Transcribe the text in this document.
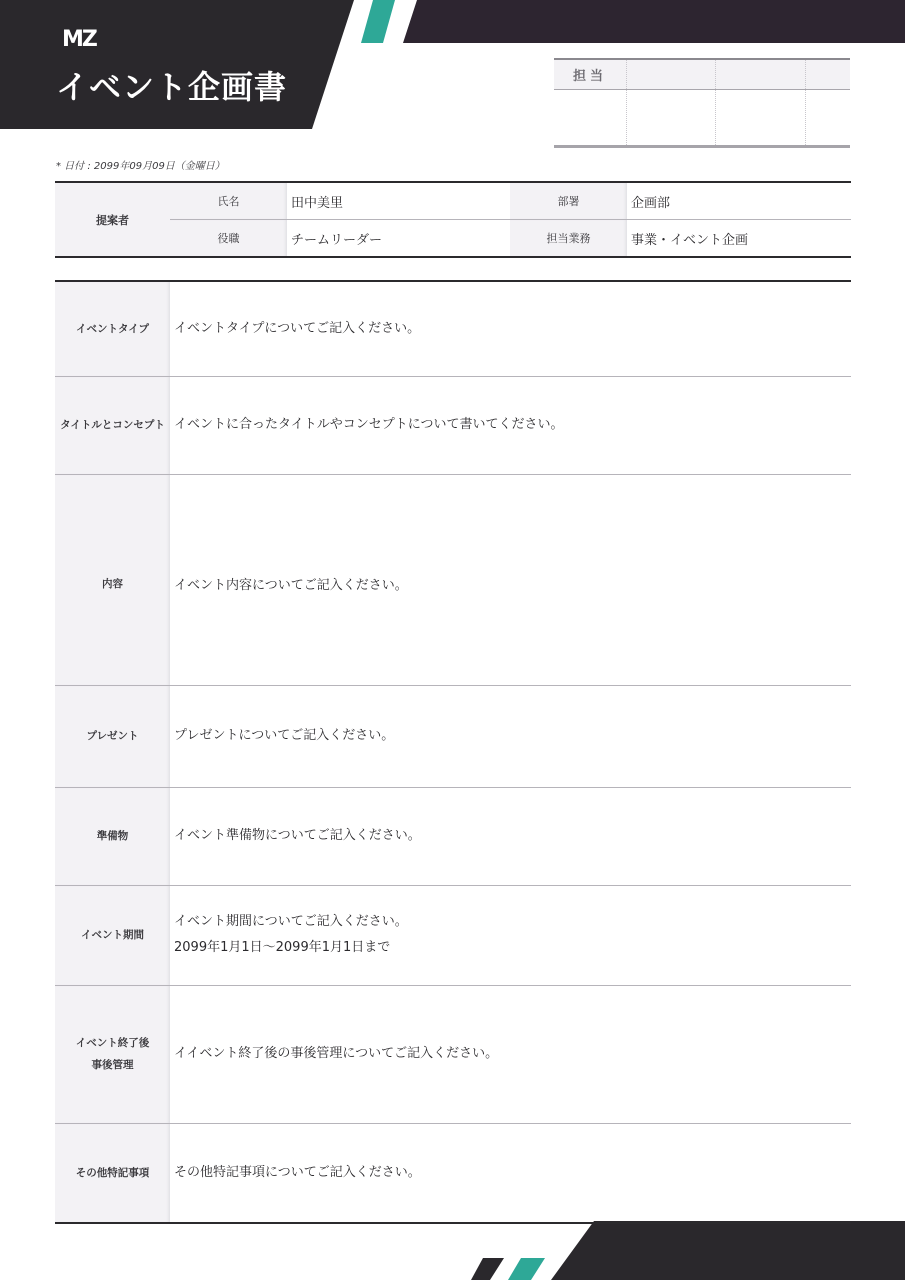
MZ
イベント企画書	担当			

* 日付 : 2099年09月09日（金曜日）
提案者	氏名	田中美里	部署	企画部
	役職	チームリーダー	担当業務	事業・イベント企画
イベントタイプ	イベントタイプについてご記入ください。
タイトルとコンセプト	イベントに合ったタイトルやコンセプトについて書いてください。
内容	イベント内容についてご記入ください。
プレゼント	プレゼントについてご記入ください。
準備物	イベント準備物についてご記入ください。
イベント期間	イベント期間についてご記入ください。
2099年1月1日～2099年1月1日まで

イベント終了後
事後管理	イイベント終了後の事後管理についてご記入ください。
その他特記事項	その他特記事項についてご記入ください。
